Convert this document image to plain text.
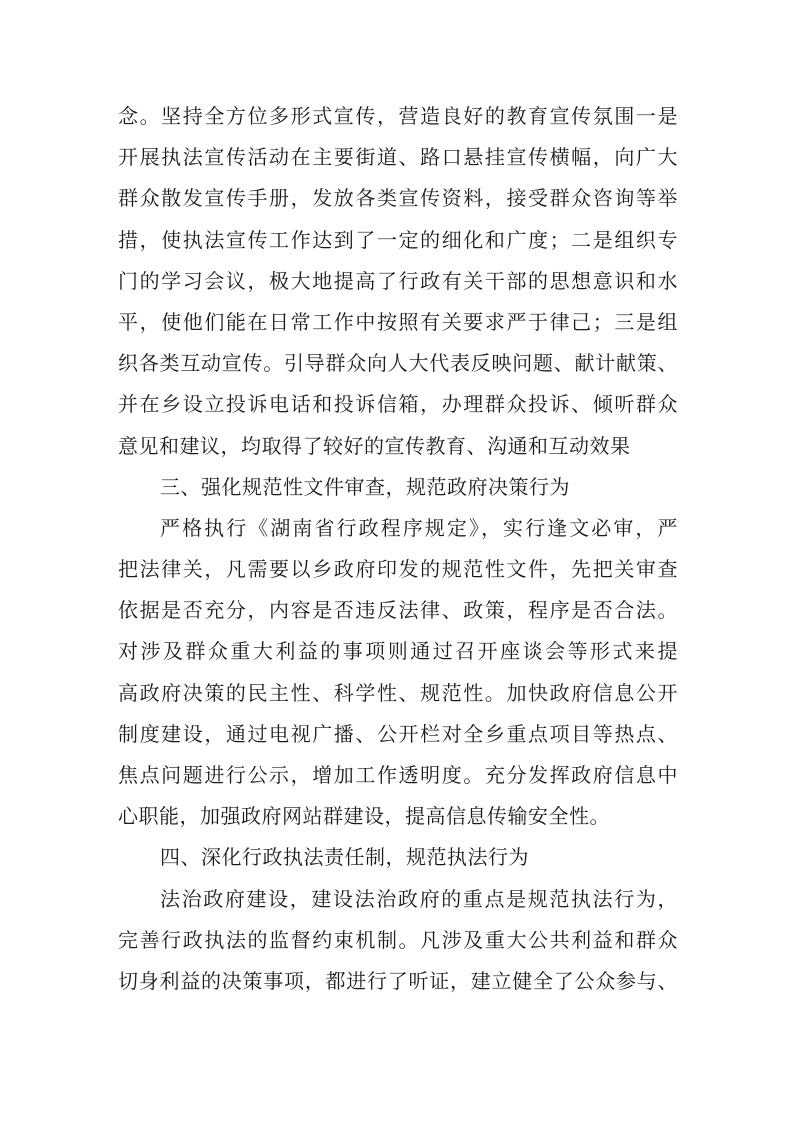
念。坚持全方位多形式宣传，营造良好的教育宣传氛围一是
开展执法宣传活动在主要街道、路口悬挂宣传横幅，向广大
群众散发宣传手册，发放各类宣传资料，接受群众咨询等举
措，使执法宣传工作达到了一定的细化和广度；二是组织专
门的学习会议，极大地提高了行政有关干部的思想意识和水
平，使他们能在日常工作中按照有关要求严于律己；三是组
织各类互动宣传。引导群众向人大代表反映问题、献计献策、
并在乡设立投诉电话和投诉信箱，办理群众投诉、倾听群众
意见和建议，均取得了较好的宣传教育、沟通和互动效果
三、强化规范性文件审查，规范政府决策行为
严格执行《湖南省行政程序规定》，实行逢文必审，严
把法律关，凡需要以乡政府印发的规范性文件，先把关审查
依据是否充分，内容是否违反法律、政策，程序是否合法。
对涉及群众重大利益的事项则通过召开座谈会等形式来提
高政府决策的民主性、科学性、规范性。加快政府信息公开
制度建设，通过电视广播、公开栏对全乡重点项目等热点、
焦点问题进行公示，增加工作透明度。充分发挥政府信息中
心职能，加强政府网站群建设，提高信息传输安全性。
四、深化行政执法责任制，规范执法行为
法治政府建设，建设法治政府的重点是规范执法行为，
完善行政执法的监督约束机制。凡涉及重大公共利益和群众
切身利益的决策事项，都进行了听证，建立健全了公众参与、
